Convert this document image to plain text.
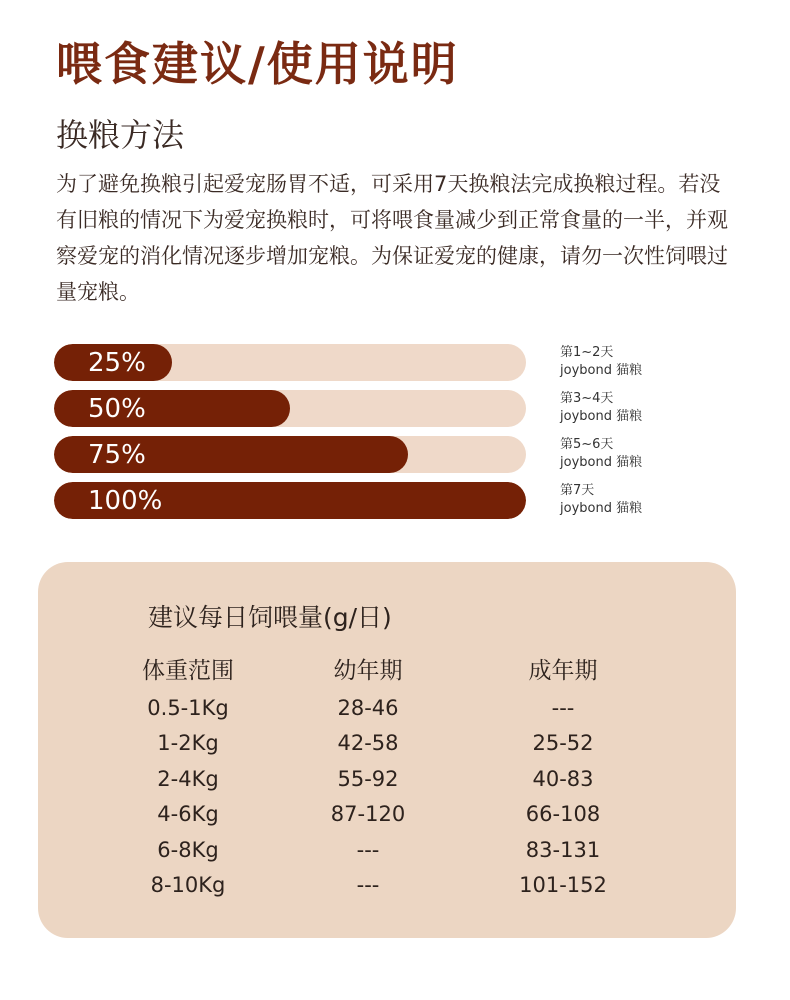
喂食建议/使用说明
换粮方法

为了避免换粮引起爱宠肠胃不适，可采用7天换粮法完成换粮过程。若没有旧粮的情况下为爱宠换粮时，可将喂食量减少到正常食量的一半，并观察爱宠的消化情况逐步增加宠粮。为保证爱宠的健康，请勿一次性饲喂过量宠粮。

25%	第1~2天
joybond 猫粮
50%	第3~4天
joybond 猫粮
75%	第5~6天
joybond 猫粮
100%	第7天
joybond 猫粮
建议每日饲喂量(g/日)
体重范围	幼年期	成年期
0.5-1Kg	28-46	---
1-2Kg	42-58	25-52
2-4Kg	55-92	40-83
4-6Kg	87-120	66-108
6-8Kg	---	83-131
8-10Kg	---	101-152
